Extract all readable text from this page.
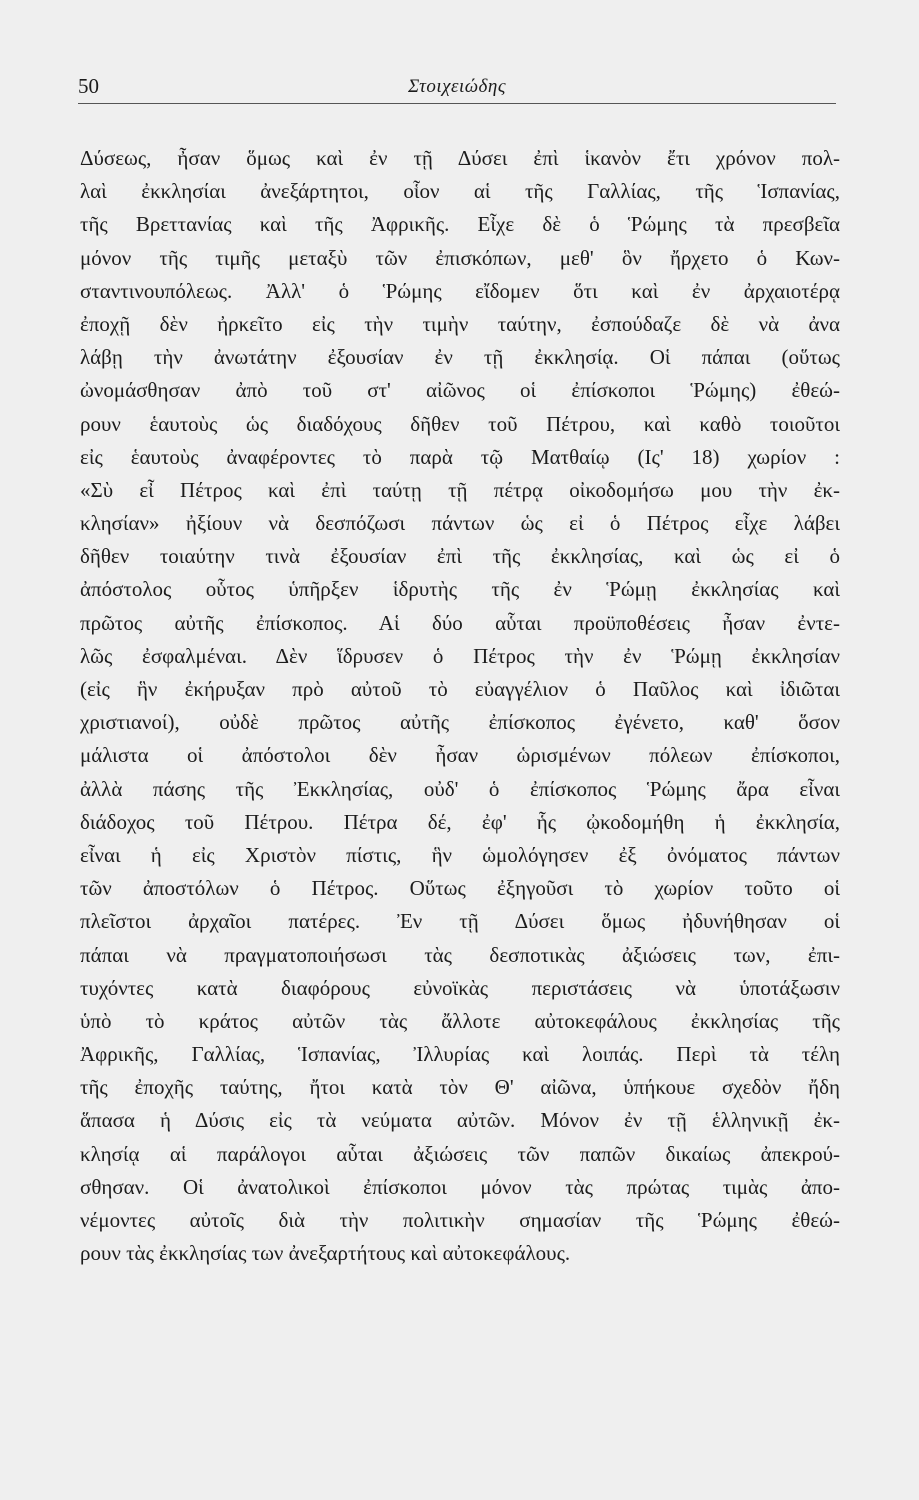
50	Στοιχειώδης
Δύσεως, ἦσαν ὅμως καὶ ἐν τῇ Δύσει ἐπὶ ἱκανὸν ἔτι χρόνον πολ-
λαὶ ἐκκλησίαι ἀνεξάρτητοι, οἷον αἱ τῆς Γαλλίας, τῆς Ἱσπανίας,
τῆς Βρεττανίας καὶ τῆς Ἀφρικῆς. Εἶχε δὲ ὁ Ῥώμης τὰ πρεσβεῖα
μόνον τῆς τιμῆς μεταξὺ τῶν ἐπισκόπων, μεθ' ὃν ἤρχετο ὁ Κων-
σταντινουπόλεως. Ἀλλ' ὁ Ῥώμης εἴδομεν ὅτι καὶ ἐν ἀρχαιοτέρᾳ
ἐποχῇ δὲν ἠρκεῖτο εἰς τὴν τιμὴν ταύτην, ἐσπούδαζε δὲ νὰ ἀνα
λάβῃ τὴν ἀνωτάτην ἐξουσίαν ἐν τῇ ἐκκλησίᾳ. Οἱ πάπαι (οὕτως
ὠνομάσθησαν ἀπὸ τοῦ στ' αἰῶνος οἱ ἐπίσκοποι Ῥώμης) ἐθεώ-
ρουν ἑαυτοὺς ὡς διαδόχους δῆθεν τοῦ Πέτρου, καὶ καθὸ τοιοῦτοι
εἰς ἑαυτοὺς ἀναφέροντες τὸ παρὰ τῷ Ματθαίῳ (Ις' 18) χωρίον :
«Σὺ εἶ Πέτρος καὶ ἐπὶ ταύτῃ τῇ πέτρᾳ οἰκοδομήσω μου τὴν ἐκ-
κλησίαν» ἠξίουν νὰ δεσπόζωσι πάντων ὡς εἰ ὁ Πέτρος εἶχε λάβει
δῆθεν τοιαύτην τινὰ ἐξουσίαν ἐπὶ τῆς ἐκκλησίας, καὶ ὡς εἰ ὁ
ἀπόστολος οὗτος ὑπῆρξεν ἱδρυτὴς τῆς ἐν Ῥώμῃ ἐκκλησίας καὶ
πρῶτος αὐτῆς ἐπίσκοπος. Αἱ δύο αὗται προϋποθέσεις ἦσαν ἐντε-
λῶς ἐσφαλμέναι. Δὲν ἵδρυσεν ὁ Πέτρος τὴν ἐν Ῥώμῃ ἐκκλησίαν
(εἰς ἣν ἐκήρυξαν πρὸ αὐτοῦ τὸ εὐαγγέλιον ὁ Παῦλος καὶ ἰδιῶται
χριστιανοί), οὐδὲ πρῶτος αὐτῆς ἐπίσκοπος ἐγένετο, καθ' ὅσον
μάλιστα οἱ ἀπόστολοι δὲν ἦσαν ὡρισμένων πόλεων ἐπίσκοποι,
ἀλλὰ πάσης τῆς Ἐκκλησίας, οὐδ' ὁ ἐπίσκοπος Ῥώμης ἄρα εἶναι
διάδοχος τοῦ Πέτρου. Πέτρα δέ, ἐφ' ἧς ᾠκοδομήθη ἡ ἐκκλησία,
εἶναι ἡ εἰς Χριστὸν πίστις, ἣν ὡμολόγησεν ἐξ ὀνόματος πάντων
τῶν ἀποστόλων ὁ Πέτρος. Οὕτως ἐξηγοῦσι τὸ χωρίον τοῦτο οἱ
πλεῖστοι ἀρχαῖοι πατέρες. Ἐν τῇ Δύσει ὅμως ἠδυνήθησαν οἱ
πάπαι νὰ πραγματοποιήσωσι τὰς δεσποτικὰς ἀξιώσεις των, ἐπι-
τυχόντες κατὰ διαφόρους εὐνοϊκὰς περιστάσεις νὰ ὑποτάξωσιν
ὑπὸ τὸ κράτος αὐτῶν τὰς ἄλλοτε αὐτοκεφάλους ἐκκλησίας τῆς
Ἀφρικῆς, Γαλλίας, Ἱσπανίας, Ἰλλυρίας καὶ λοιπάς. Περὶ τὰ τέλη
τῆς ἐποχῆς ταύτης, ἤτοι κατὰ τὸν Θ' αἰῶνα, ὑπήκουε σχεδὸν ἤδη
ἅπασα ἡ Δύσις εἰς τὰ νεύματα αὐτῶν. Μόνον ἐν τῇ ἑλληνικῇ ἐκ-
κλησίᾳ αἱ παράλογοι αὗται ἀξιώσεις τῶν παπῶν δικαίως ἀπεκρού-
σθησαν. Οἱ ἀνατολικοὶ ἐπίσκοποι μόνον τὰς πρώτας τιμὰς ἀπο-
νέμοντες αὐτοῖς διὰ τὴν πολιτικὴν σημασίαν τῆς Ῥώμης ἐθεώ-
ρουν τὰς ἐκκλησίας των ἀνεξαρτήτους καὶ αὐτοκεφάλους.
